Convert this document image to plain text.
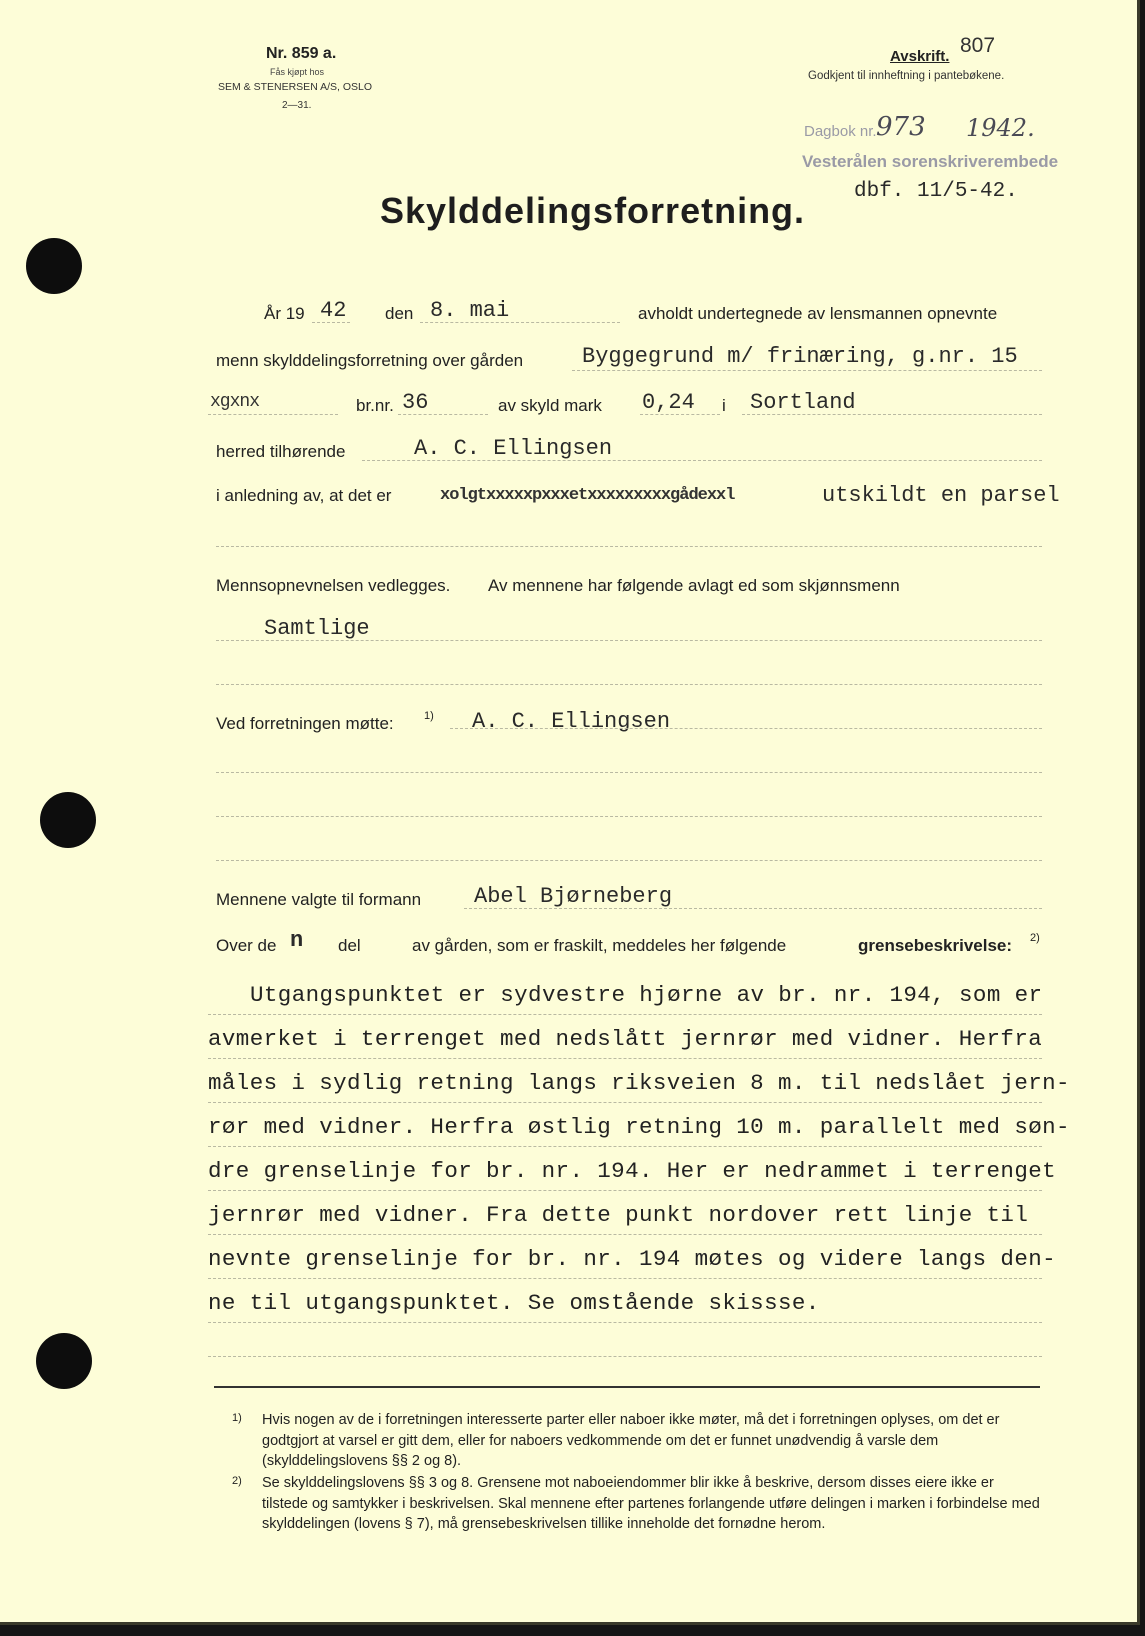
Nr. 859 a.
Fås kjøpt hos
SEM & STENERSEN A/S, OSLO
2—31.
Avskrift. 807
Godkjent til innheftning i pantebøkene.
Dagbok nr. 973 1942.
Vesterålen sorenskriverembede
dbf. 11/5-42.
Skylddelingsforretning.
År 19 42 den 8. mai	avholdt undertegnede av lensmannen opnevnte
menn skylddelingsforretning over gården	Byggegrund m/ frinæring, g.nr. 15
xgxnx	br.nr. 36	av skyld mark 0,24 i Sortland
herred tilhørende	A. C. Ellingsen
i anledning av, at det er	xolgtxxxxxpxxxetxxxxxxxxxgådexxl	utskildt en parsel
Mennsopnevnelsen vedlegges. Av mennene har følgende avlagt ed som skjønnsmenn
Samtlige
Ved forretningen møtte:	1) A. C. Ellingsen
Mennene valgte til formann Abel Bjørneberg
Over de n del	av gården, som er fraskilt, meddeles her følgende	grensebeskrivelse: 2)
Utgangspunktet er sydvestre hjørne av br. nr. 194, som er
avmerket i terrenget med nedslått jernrør med vidner. Herfra
måles i sydlig retning langs riksveien 8 m. til nedslået jern-
rør med vidner. Herfra østlig retning 10 m. parallelt med søn-
dre grenselinje for br. nr. 194. Her er nedrammet i terrenget
jernrør med vidner. Fra dette punkt nordover rett linje til
nevnte grenselinje for br. nr. 194 møtes og videre langs den-
ne til utgangspunktet. Se omstående skissse.
1) Hvis nogen av de i forretningen interesserte parter eller naboer ikke møter, må det i forretningen oplyses, om det er godtgjort at varsel er gitt dem, eller for naboers vedkommende om det er funnet unødvendig å varsle dem (skylddelingslovens §§ 2 og 8).
2) Se skylddelingslovens §§ 3 og 8. Grensene mot naboeiendommer blir ikke å beskrive, dersom disses eiere ikke er tilstede og samtykker i beskrivelsen. Skal mennene efter partenes forlangende utføre delingen i marken i forbindelse med skylddelingen (lovens § 7), må grensebeskrivelsen tillike inneholde det fornødne herom.
